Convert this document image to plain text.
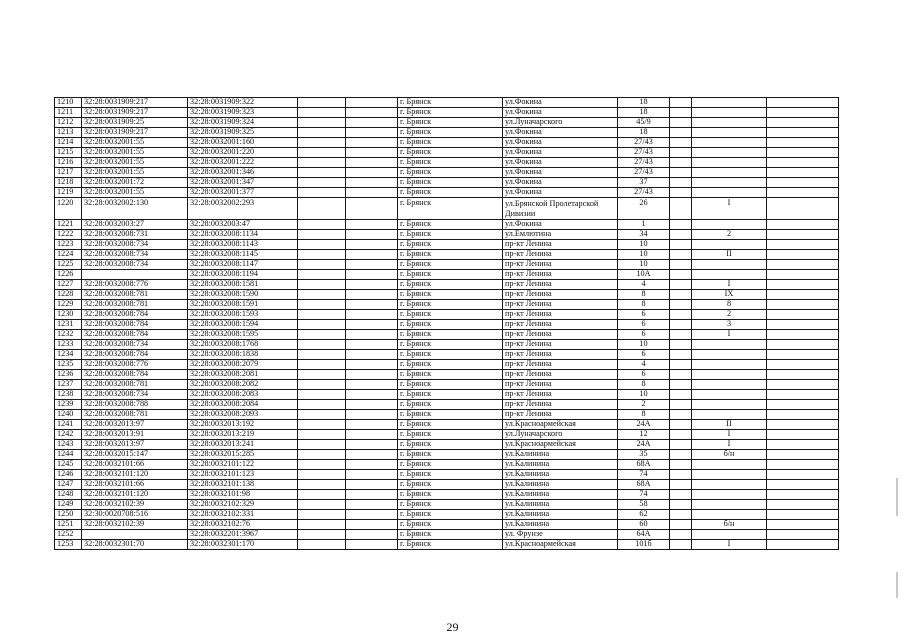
1210	32:28:0031909:217	32:28:0031909:322			г. Брянск	ул.Фокина	18			
1211	32:28:0031909:217	32:28:0031909:323			г. Брянск	ул.Фокина	18			
1212	32:28:0031909:25	32:28:0031909:324			г. Брянск	ул.Луначарского	45/9			
1213	32:28:0031909:217	32:28:0031909:325			г. Брянск	ул.Фокина	18			
1214	32:28:0032001:55	32:28:0032001:160			г. Брянск	ул.Фокина	27/43			
1215	32:28:0032001:55	32:28:0032001:220			г. Брянск	ул.Фокина	27/43			
1216	32:28:0032001:55	32:28:0032001:222			г. Брянск	ул.Фокина	27/43			
1217	32:28:0032001:55	32:28:0032001:346			г. Брянск	ул.Фокина	27/43			
1218	32:28:0032001:72	32:28:0032001:347			г. Брянск	ул.Фокина	37			
1219	32:28:0032001:55	32:28:0032001:377			г. Брянск	ул.Фокина	27/43			
1220	32:28:0032002:130	32:28:0032002:293			г. Брянск	ул.Брянской Пролетарской Дивизии	26		I	
1221	32:28:0032003:27	32:28:0032003:47			г. Брянск	ул.Фокина	1			
1222	32:28:0032008:731	32:28:0032008:1134			г. Брянск	ул.Емлютина	34		2	
1223	32:28:0032008:734	32:28:0032008:1143			г. Брянск	пр-кт Ленина	10			
1224	32:28:0032008:734	32:28:0032008:1145			г. Брянск	пр-кт Ленина	10		II	
1225	32:28:0032008:734	32:28:0032008:1147			г. Брянск	пр-кт Ленина	10			
1226		32:28:0032008:1194			г. Брянск	пр-кт Ленина	10А			
1227	32:28:0032008:776	32:28:0032008:1581			г. Брянск	пр-кт Ленина	4		I	
1228	32:28:0032008:781	32:28:0032008:1590			г. Брянск	пр-кт Ленина	8		IX	
1229	32:28:0032008:781	32:28:0032008:1591			г. Брянск	пр-кт Ленина	8		8	
1230	32:28:0032008:784	32:28:0032008:1593			г. Брянск	пр-кт Ленина	6		2	
1231	32:28:0032008:784	32:28:0032008:1594			г. Брянск	пр-кт Ленина	6		3	
1232	32:28:0032008:784	32:28:0032008:1595			г. Брянск	пр-кт Ленина	6		I	
1233	32:28:0032008:734	32:28:0032008:1768			г. Брянск	пр-кт Ленина	10			
1234	32:28:0032008:784	32:28:0032008:1838			г. Брянск	пр-кт Ленина	6			
1235	32:28:0032008:776	32:28:0032008:2079			г. Брянск	пр-кт Ленина	4			
1236	32:28:0032008:784	32:28:0032008:2081			г. Брянск	пр-кт Ленина	6			
1237	32:28:0032008:781	32:28:0032008:2082			г. Брянск	пр-кт Ленина	8			
1238	32:28:0032008:734	32:28:0032008:2083			г. Брянск	пр-кт Ленина	10			
1239	32:28:0032008:788	32:28:0032008:2084			г. Брянск	пр-кт Ленина	2			
1240	32:28:0032008:781	32:28:0032008:2093			г. Брянск	пр-кт Ленина	8			
1241	32:28:0032013:97	32:28:0032013:192			г. Брянск	ул.Красноармейская	24А		II	
1242	32:28:0032013:91	32:28:0032013:219			г. Брянск	ул.Луначарского	12		I	
1243	32:28:0032013:97	32:28:0032013:241			г. Брянск	ул.Красноармейская	24А		I	
1244	32:28:0032015:147	32:28:0032015:285			г. Брянск	ул.Калинина	35		б/н	
1245	32:28:0032101:66	32:28:0032101:122			г. Брянск	ул.Калинина	68А			
1246	32:28:0032101:120	32:28:0032101:123			г. Брянск	ул.Калинина	74			
1247	32:28:0032101:66	32:28:0032101:138			г. Брянск	ул.Калинина	68А			
1248	32:28:0032101:120	32:28:0032101:98			г. Брянск	ул.Калинина	74			
1249	32:28:0032102:39	32:28:0032102:329			г. Брянск	ул.Калинина	58			
1250	32:30:0020708:516	32:28:0032102:331			г. Брянск	ул.Калинина	62			
1251	32:28:0032102:39	32:28:0032102:76			г. Брянск	ул.Калинина	60		б/н	
1252		32:28:0032201:3967			г. Брянск	ул. Фрунзе	64А			
1253	32:28:0032301:70	32:28:0032301:170			г. Брянск	ул.Красноармейская	101б		I	
29
